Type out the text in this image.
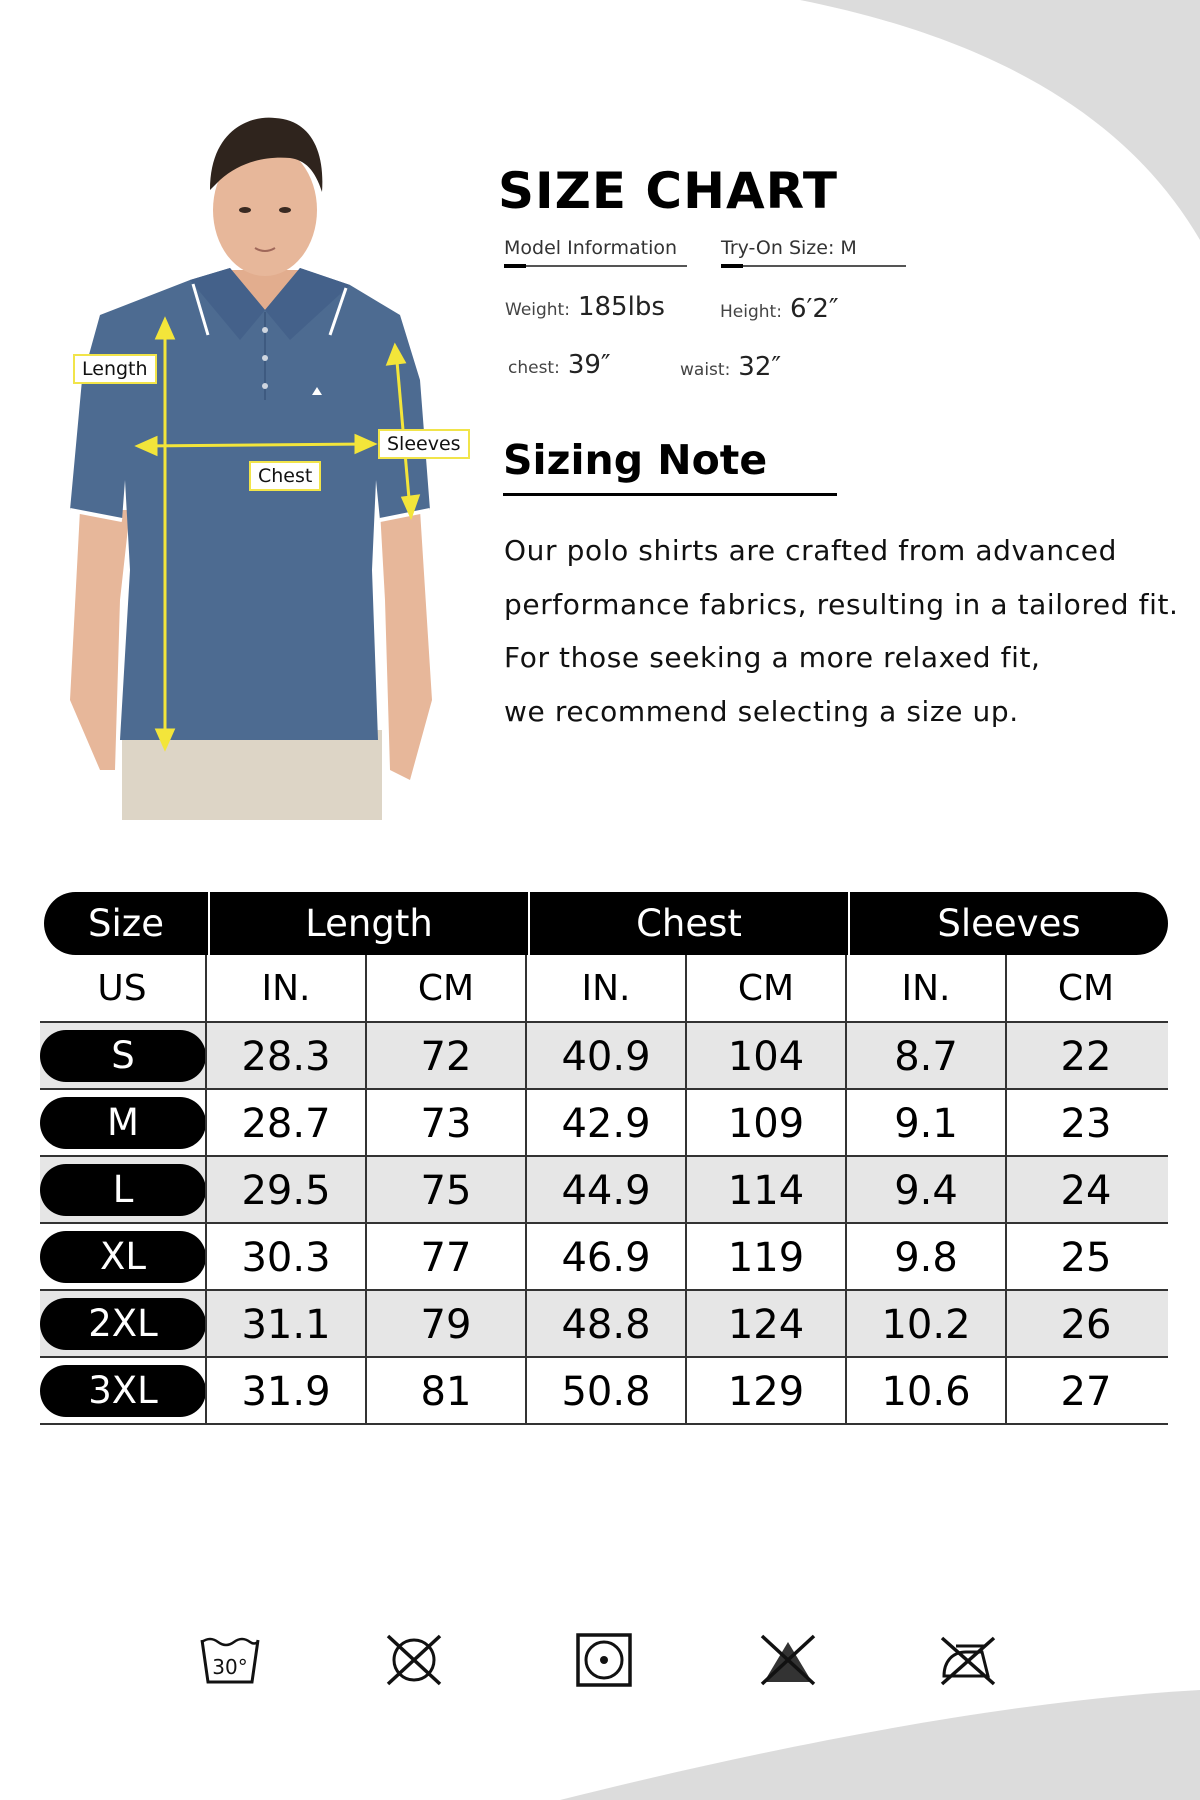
Length
Chest
Sleeves
SIZE CHART
Model Information Try-On Size: M
Weight: 185lbs	Height: 6′2″
chest: 39″	waist: 32″
Sizing Note
Our polo shirts are crafted from advanced
performance fabrics, resulting in a tailored fit.
For those seeking a more relaxed fit,
we recommend selecting a size up.
Size	Length	Chest	Sleeves
US	IN.	CM	IN.	CM	IN.	CM
S	28.3	72	40.9	104	8.7	22
M	28.7	73	42.9	109	9.1	23
L	29.5	75	44.9	114	9.4	24
XL	30.3	77	46.9	119	9.8	25
2XL	31.1	79	48.8	124	10.2	26
3XL	31.9	81	50.8	129	10.6	27
30°
